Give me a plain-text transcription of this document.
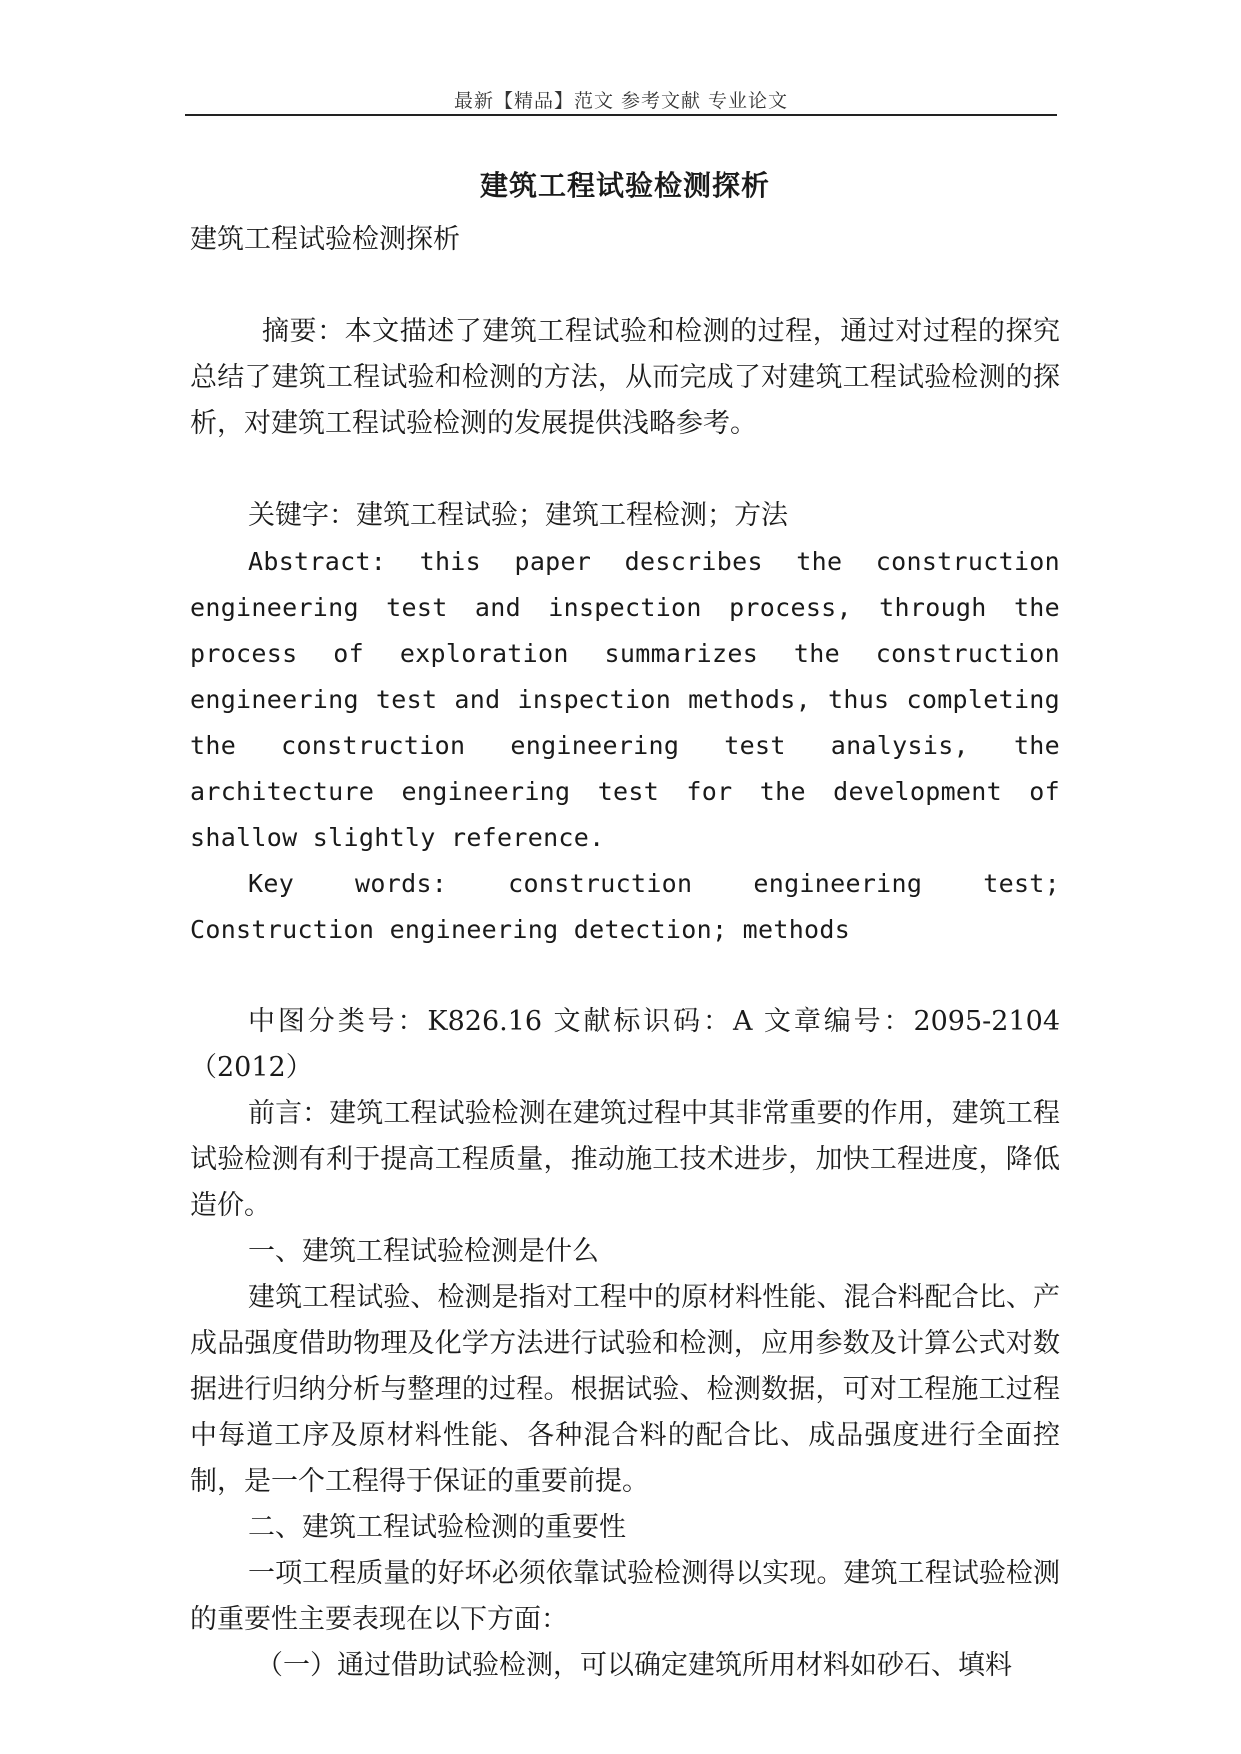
最新【精品】范文 参考文献 专业论文
建筑工程试验检测探析

建筑工程试验检测探析

摘要：本文描述了建筑工程试验和检测的过程，通过对过程的探究总结了建筑工程试验和检测的方法，从而完成了对建筑工程试验检测的探析，对建筑工程试验检测的发展提供浅略参考。

关键字：建筑工程试验；建筑工程检测；方法

Abstract: this paper describes the construction engineering test and inspection process, through the process of exploration summarizes the construction engineering test and inspection methods, thus completing the construction engineering test analysis, the architecture engineering test for the development of shallow slightly reference.

Key words: construction engineering test; Construction engineering detection; methods

中图分类号：K826.16 文献标识码：A 文章编号：2095-2104（2012）

前言：建筑工程试验检测在建筑过程中其非常重要的作用，建筑工程试验检测有利于提高工程质量，推动施工技术进步，加快工程进度，降低造价。

一、建筑工程试验检测是什么

建筑工程试验、检测是指对工程中的原材料性能、混合料配合比、产成品强度借助物理及化学方法进行试验和检测，应用参数及计算公式对数据进行归纳分析与整理的过程。根据试验、检测数据，可对工程施工过程中每道工序及原材料性能、各种混合料的配合比、成品强度进行全面控制，是一个工程得于保证的重要前提。

二、建筑工程试验检测的重要性

一项工程质量的好坏必须依靠试验检测得以实现。建筑工程试验检测的重要性主要表现在以下方面：

（一）通过借助试验检测，可以确定建筑所用材料如砂石、填料
